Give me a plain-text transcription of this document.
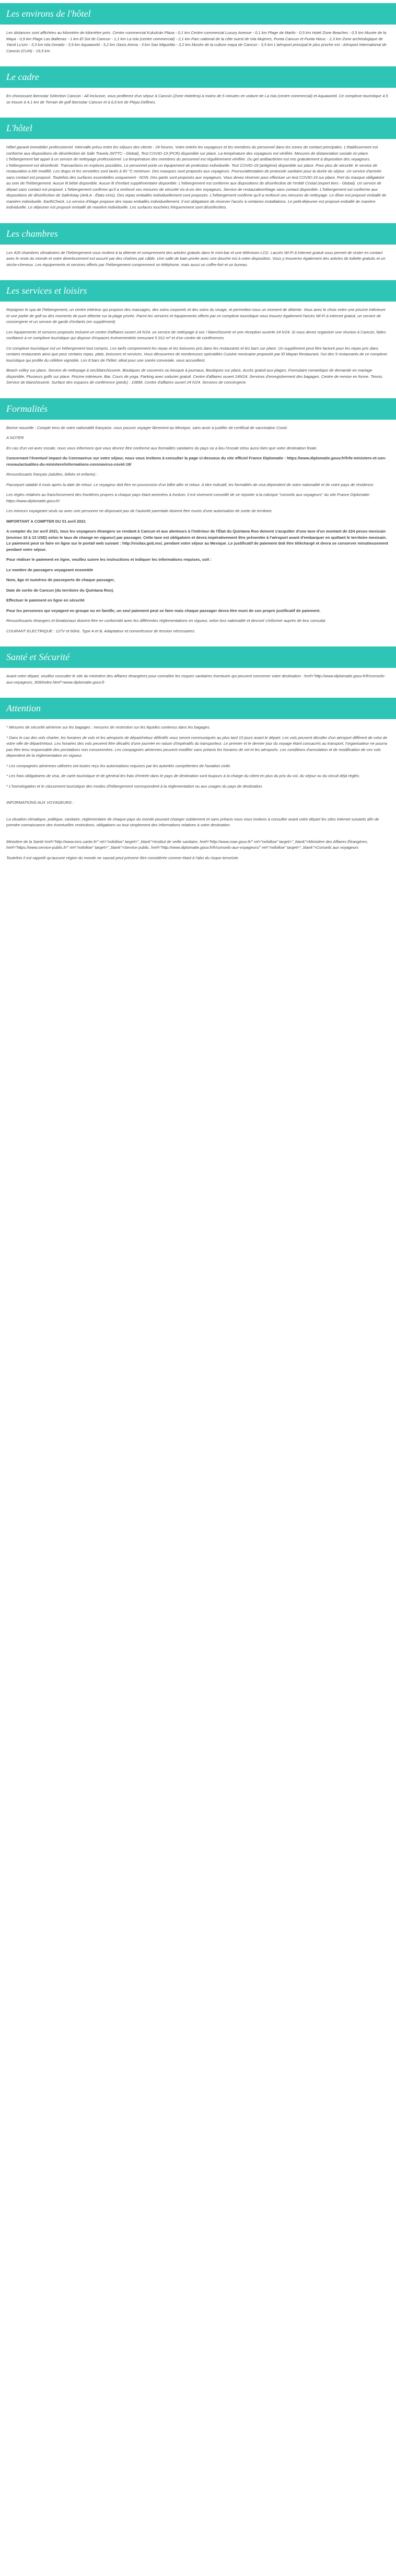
Les environs de l'hôtel

Les distances sont affichées au kilomètre de kilomètre près. Centre commercial Kukulcán Plaza - 0,1 km Centre commercial Luxury Avenue - 0,1 km Plage de Marlin - 0,5 km Hotel Zone Beaches - 0,5 km Musée de la Maya - 0,9 km Plage Las Ballenas - 1 km El Sol de Cancun - 1,1 km La Isla (centre commercial) - 2,1 km Parc national de la côte ouest de Isla Mujeres, Punta Cancun et Punta Nizuc - 2,3 km Zone archéologique de Yamil Lu'um - 3,3 km Isla Dorado - 3,9 km Aquaworld - 3,2 km Oasis Arena - 3 km San Miguelito - 3,2 km Musée de la culture maya de Cancun - 3,5 km L'aéroport principal le plus proche est : Aéroport International de Cancún (CUN) - 19,5 km

Le cadre

En choisissant Iberostar Selection Cancún - All Inclusive, vous profiterez d'un séjour à Cancún (Zone Hotelera) à moins de 5 minutes en voiture de La Isla (centre commercial) et Aquaworld. Ce complexe touristique 4,5 se trouve à 4,1 km de Terrain de golf Iberostar Cancun et à 6,6 km de Playa Delfines.

L'hôtel

Hôtel garanti immobilier professionnel. Intervalle prévu entre les séjours des clients : 24 heures. Votre entrée les voyageurs et les membres du personnel dans les zones de contact principales. L'établissement est conforme aux dispositions de désinfection de Safe Travels (WTTC - Global), Test COVID-19 (PCR) disponible sur place. La température des voyageurs est vérifiée. Mesures de distanciation sociale en place. L'hébergement fait appel à un service de nettoyage professionnel. La température des membres du personnel est régulièrement vérifiée. Du gel antibactérien est mis gratuitement à disposition des voyageurs. L'hébergement est désinfecté. Transactions en espèces possibles. Le personnel porte un équipement de protection individuelle. Test COVID-19 (antigène) disponible sur place. Pour plus de sécurité, le service de restauration a été modifié. Les draps et les serviettes sont lavés à 60 °C minimum. Des masques sont proposés aux voyageurs. Pourvu/attestation de protocole sanitaire pour la durée du séjour. Un service d'arrivée sans contact est proposé. Toutefois des surfaces essentielles uniquement - NON. Des gants sont proposés aux voyageurs. Vous devez réserver pour effectuer un test COVID-19 sur place. Port du masque obligatoire au sein de l'hébergement. Aucun lit bébé disponible. Aucun lit d'enfant supplémentaire disponible. L'hébergement est conforme aux dispositions de désinfection de l'entité Cristal (expert tiers - Global). Un service de départ sans contact est proposé. L'hébergement confirme qu'il a renforcé ses mesures de sécurité vis-à-vis des voyageurs. Service de restauration/étage sans contact disponible. L'hébergement est conforme aux dispositions de désinfection de Safe4stay (AHLA - États-Unis). Des repas emballés individuellement sont proposés. L'hébergement confirme qu'il a renforcé ses mesures de nettoyage. Le dîner est proposé emballé de manière individuelle. EarthCheck. Le service d'étage propose des repas emballés individuellement. Il est obligatoire de réserver l'accès à certaines installations. Le petit-déjeuner est proposé emballé de manière individuelle. Le déjeuner est proposé emballé de manière individuelle. Les surfaces touchées fréquemment sont désinfectées.

Les chambres

Les 426 chambres climatisées de l'hébergement vous invitent à la détente et comprennent des articles gratuits dans le mini-bar et une télévision LCD. Laccès Wi-Fi à Internet gratuit vous permet de rester en contact avec le reste du monde et votre divertissement est assuré par des chaînes par câble. Une salle de bain privée avec une douche est à votre disposition. Vous y trouverez également des articles de toilette gratuits et un sèche-cheveux. Les équipements et services offerts par l'hébergement comprennent un téléphone, mais aussi un coffre-fort et un bureau.

Les services et loisirs

Rejoignez le spa de l'hébergement, un centre intérieur qui propose des massages, des soins corporels et des soins du visage, et permettez-vous un moment de détente. Vous avez le choix entre une piscine intérieure et une partie de golf ou des moments de pure détente sur la plage privée. Parmi les services et équipements offerts par ce complexe touristique vous trouvez également l'accès Wi-Fi à Internet gratuit, un service de conciergerie et un service de garde d'enfants (en supplément).

Les équipements et services proposés incluent un centre d'affaires ouvert 24 h/24, un service de nettoyage à sec / blanchisserie et une réception ouverte 24 h/24. Si vous devez organiser une réunion à Cancún, faites confiance à ce complexe touristique qui dispose d'espaces événementiels mesurant 5 012 m² et d'un centre de conférences.

Ce complexe touristique est un hébergement tout compris. Les tarifs comprennent les repas et les boissons pris dans les restaurants et les bars sur place. Un supplément peut être facturé pour les repas pris dans certains restaurants ainsi que pour certains repas, plats, boissons et services. Vous découvrirez de nombreuses spécialités Cuisine mexicaine proposée par El Mayan Restaurant, l'un des 5 restaurants de ce complexe touristique qui profite du célèbre vignoble. Les 8 bars de l'hôtel, idéal pour une soirée conviviale, vous accueillent.

Beach volley sur place, Service de nettoyage à sec/blanchisserie, Boutiques de souvenirs ou kiosque à journaux, Boutiques sur place, Accès gratuit aux plages, Formulaire romantique de demande en mariage disponible, Plusieurs golfs sur place. Piscine intérieure, Bar. Cours de yoga. Parking avec voiturier gratuit. Centre d'affaires ouvert 24h/24. Services d'enregistrement des bagages. Centre de remise en forme. Tennis. Service de blanchisserie. Surface des espaces de conférence (pieds) : 10896. Centre d'affaires ouvert 24 h/24. Services de conciergerie.

Formalités

Bonne nouvelle : Compte tenu de votre nationalité française, vous pouvez voyager librement au Mexique, sans avoir à justifier de certificat de vaccination Covid.

A NOTER

En cas d'un vol avec escale, nous vous informons que vous devrez être conforme aux formalités sanitaires du pays où a lieu l'escale et/ou aussi bien que votre destination finale.

Concernant l'éventuel impact du Coronavirus sur votre séjour, nous vous invitons à consulter la page ci-dessous du site officiel France Diplomatie : https://www.diplomatie.gouv.fr/fr/le-ministere-et-son-reseau/actualites-du-ministere/informations-coronavirus-covid-19/

Ressortissants français (adultes, bébés et enfants) :

Passeport valable 6 mois après la date de retour. Le voyageur doit être en possession d'un billet aller et retour. A titre indicatif, les formalités de visa dépendent de votre nationalité et de votre pays de résidence.

Les règles relatives au franchissement des frontières propres à chaque pays étant amenées à évoluer, il est vivement conseillé de se reporter à la rubrique "conseils aux voyageurs" du site France Diplomatie. https://www.diplomatie.gouv.fr/

Les mineurs voyageant seuls ou avec une personne ne disposant pas de l'autorité parentale doivent être munis d'une autorisation de sortie de territoire.

IMPORTANT A COMPTER DU 01 avril 2021

A compter du 1er avril 2021, tous les voyageurs étrangers se rendant à Cancun et aux alentours à l'intérieur de l'État du Quintana Roo doivent s'acquitter d'une taxe d'un montant de 224 pesos mexicain (environ 10 à 13 USD) selon le taux de change en vigueur) par passager. Cette taxe est obligatoire et devra impérativement être présentée à l'aéroport avant d'embarquer en quittant le territoire mexicain. Le paiement peut se faire en ligne sur le portail web suivant : http://visitax.gob.mx/, pendant votre séjour au Mexique. Le justificatif de paiement doit être téléchargé et devra se conserver minutieusement pendant votre séjour.

Pour réaliser le paiement en ligne, veuillez suivre les instructions et indiquer les informations requises, soit :

Le nombre de passagers voyageant ensemble

Nom, âge et numéros de passeports de chaque passager,

Date de sortie de Cancun (du territoire du Quintana Roo).

Effectuer le paiement en ligne en sécurité

Pour les personnes qui voyagent en groupe ou en famille, un seul paiement peut se faire mais chaque passager devra être muni de son propre justificatif de paiement.

Ressortissants étrangers et binationaux doivent être en conformité avec les différentes réglementations en vigueur, selon leur nationalité et devront s'informer auprès de leur consulat.

COURANT ELECTRIQUE : 127V et 60Hz. Type A et B. Adaptateur et convertisseur de tension nécessaires.

Santé et Sécurité

Avant votre départ, veuillez consulter le site du ministère des Affaires étrangères pour connaître les risques sanitaires éventuels qui peuvent concerner votre destination : href="http://www.diplomatie.gouv.fr/fr/conseils-aux-voyageurs_909/index.html">www.diplomatie.gouv.fr

Attention

* Mesures de sécurité aérienne sur les bagages : mesures de restriction sur les liquides contenus dans les bagages.

* Dans le cas des vols charter, les horaires de vols et les aéroports de départ/retour définitifs vous seront communiqués au plus tard 10 jours avant le départ. Les vols peuvent décoller d'un aéroport différent de celui de votre ville de départ/retour. Les horaires des vols peuvent être décalés d'une journée en raison d'impératifs du transporteur. Le premier et le dernier jour du voyage étant consacrés au transport, l'organisateur ne pourra pas être tenu responsable des prestations non consommées. Les compagnies aériennes peuvent modifier sans préavis les horaires de vol et les aéroports. Les conditions d'annulation et de modification de ces vols dépendent de la réglementation en vigueur.

* Les compagnies aériennes utilisées ont toutes reçu les autorisations requises par les autorités compétentes de l'aviation civile.

* Les frais obligatoires de visa, de carte touristique et de général les frais d'entrée dans le pays de destination sont toujours à la charge du client en plus du prix du vol, du séjour ou du circuit déjà réglés.

* L'homologation et le classement touristique des modes d'hébergement correspondent à la réglementation ou aux usages du pays de destination.

INFORMATIONS AUX VOYAGEURS :

La situation climatique, politique, sanitaire, réglementaire de chaque pays du monde pouvant changer subitement et sans préavis nous vous invitons à consulter avant votre départ les sites Internet suivants afin de prendre connaissance des éventuelles restrictions, obligations ou tout simplement des informations relatives à votre destination.

Ministère de la Santé href="http://www.invs.sante.fr/" rel="nofollow" target="_blank">Institut de veille sanitaire, href="http://www.mae.gouv.fr/" rel="nofollow" target="_blank">Ministère des Affaires Étrangères, href="https://www.service-public.fr/" rel="nofollow" target="_blank">Service public, href="http://www.diplomatie.gouv.fr/fr/conseils-aux-voyageurs/" rel="nofollow" target="_blank">Conseils aux voyageurs

Toutefois il est rappelé qu'aucune région du monde ne saurait peut prévenir être considérée comme étant à l'abri du risque terroriste.
